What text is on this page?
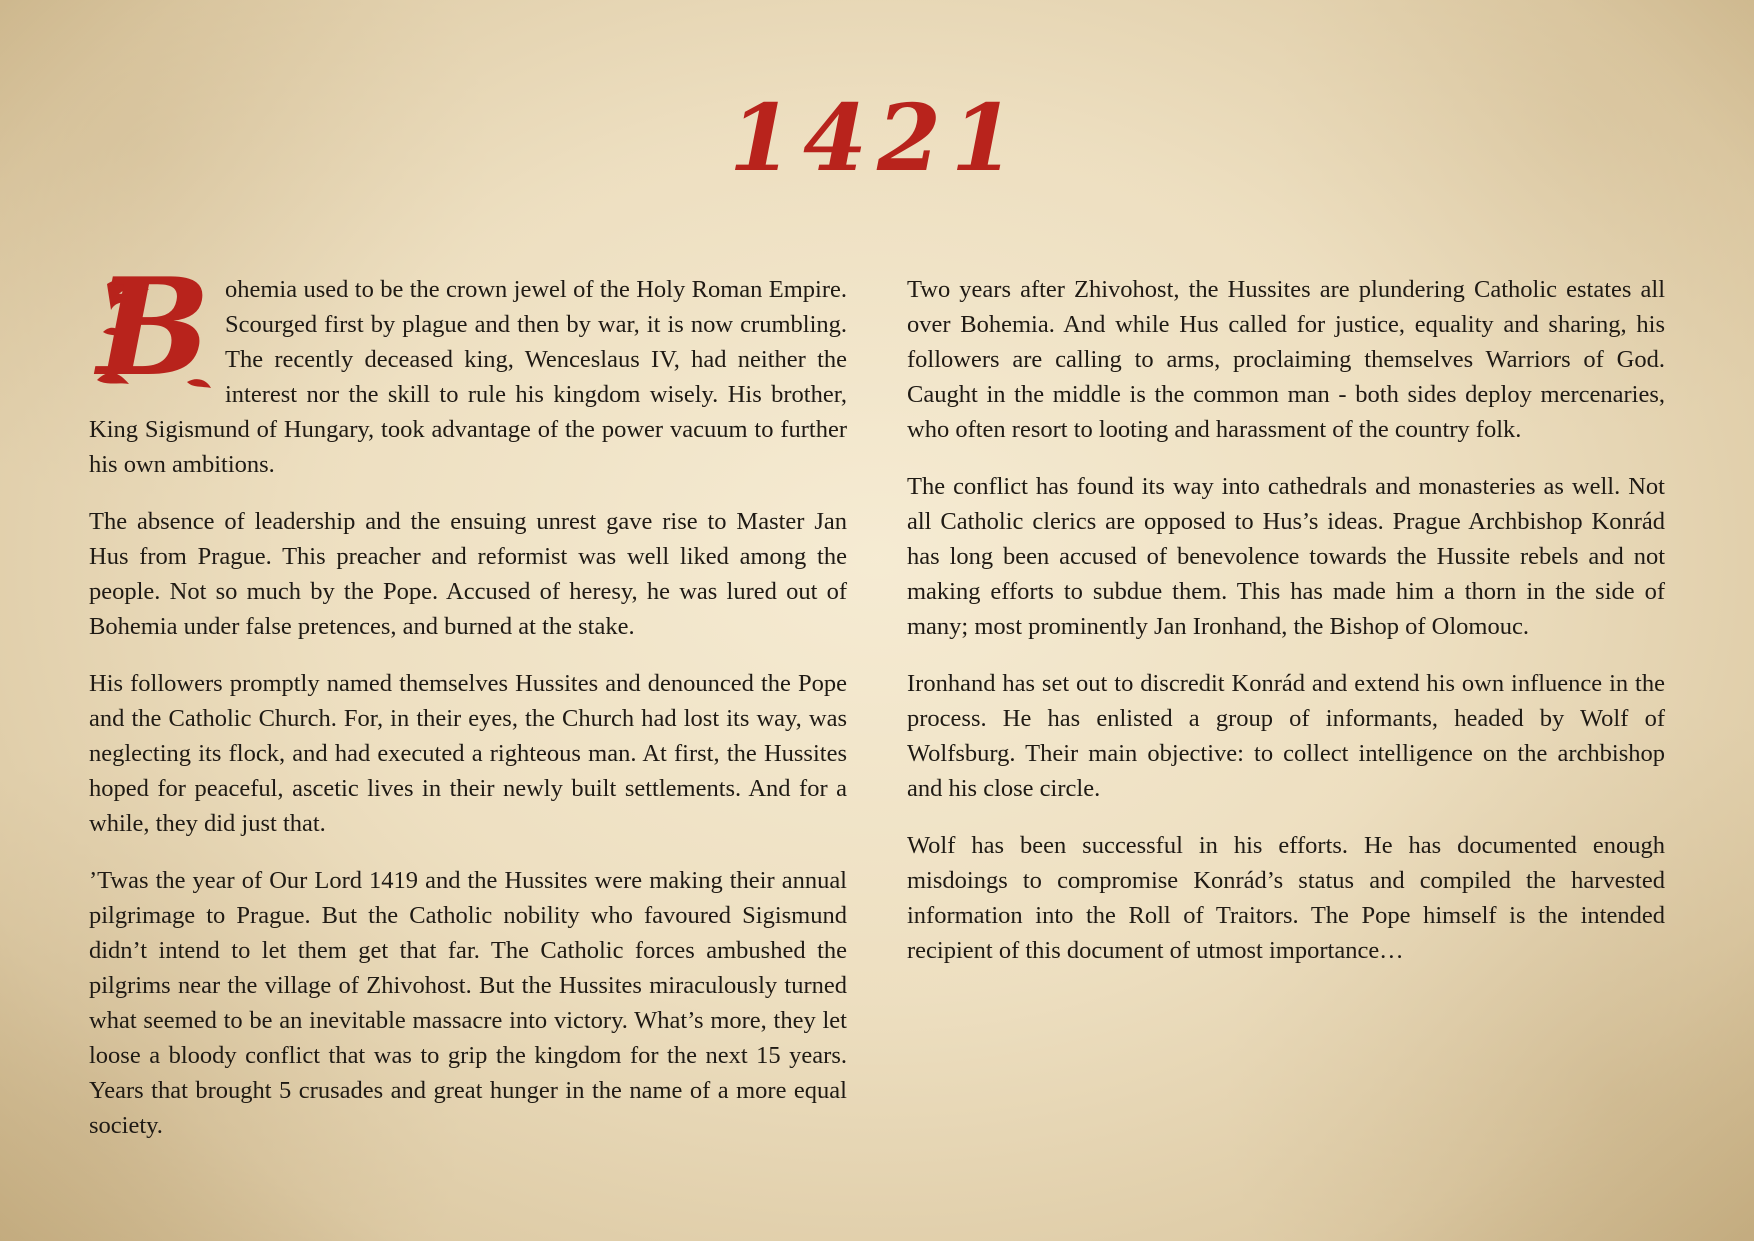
1421

B ohemia used to be the crown jewel of the Holy Roman Empire. Scourged first by plague and then by war, it is now crumbling. The recently deceased king, Wenceslaus IV, had neither the interest nor the skill to rule his kingdom wisely. His brother, King Sigismund of Hungary, took advantage of the power vacuum to further his own ambitions.

The absence of leadership and the ensuing unrest gave rise to Master Jan Hus from Prague. This preacher and reformist was well liked among the people. Not so much by the Pope. Accused of heresy, he was lured out of Bohemia under false pretences, and burned at the stake.

His followers promptly named themselves Hussites and denounced the Pope and the Catholic Church. For, in their eyes, the Church had lost its way, was neglecting its flock, and had executed a righteous man. At first, the Hussites hoped for peaceful, ascetic lives in their newly built settlements. And for a while, they did just that.

’Twas the year of Our Lord 1419 and the Hussites were making their annual pilgrimage to Prague. But the Catholic nobility who favoured Sigismund didn’t intend to let them get that far. The Catholic forces ambushed the pilgrims near the village of Zhivohost. But the Hussites miraculously turned what seemed to be an inevitable massacre into victory. What’s more, they let loose a bloody conflict that was to grip the kingdom for the next 15 years. Years that brought 5 crusades and great hunger in the name of a more equal society.

Two years after Zhivohost, the Hussites are plundering Catholic estates all over Bohemia. And while Hus called for justice, equality and sharing, his followers are calling to arms, proclaiming themselves Warriors of God. Caught in the middle is the common man - both sides deploy mercenaries, who often resort to looting and harassment of the country folk.

The conflict has found its way into cathedrals and monasteries as well. Not all Catholic clerics are opposed to Hus’s ideas. Prague Archbishop Konrád has long been accused of benevolence towards the Hussite rebels and not making efforts to subdue them. This has made him a thorn in the side of many; most prominently Jan Ironhand, the Bishop of Olomouc.

Ironhand has set out to discredit Konrád and extend his own influence in the process. He has enlisted a group of informants, headed by Wolf of Wolfsburg. Their main objective: to collect intelligence on the archbishop and his close circle.

Wolf has been successful in his efforts. He has documented enough misdoings to compromise Konrád’s status and compiled the harvested information into the Roll of Traitors. The Pope himself is the intended recipient of this document of utmost importance…
